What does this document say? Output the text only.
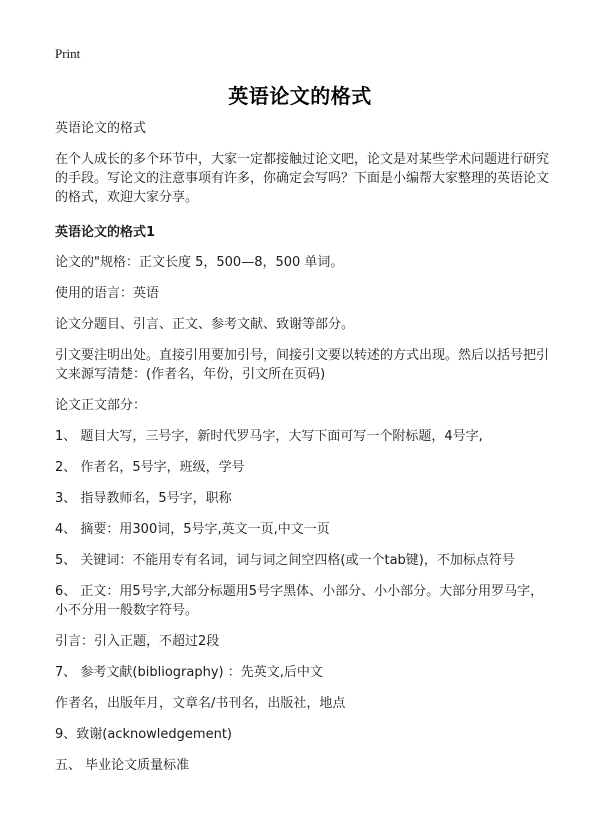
Print
英语论文的格式

英语论文的格式

在个人成长的多个环节中，大家一定都接触过论文吧，论文是对某些学术问题进行研究的手段。写论文的注意事项有许多，你确定会写吗？下面是小编帮大家整理的英语论文的格式，欢迎大家分享。

英语论文的格式1

论文的"规格：正文长度 5，500—8，500 单词。

使用的语言：英语

论文分题目、引言、正文、参考文献、致谢等部分。

引文要注明出处。直接引用要加引号，间接引文要以转述的方式出现。然后以括号把引文来源写清楚：(作者名，年份，引文所在页码)

论文正文部分：

1、 题目大写，三号字，新时代罗马字，大写下面可写一个附标题，4号字,

2、 作者名，5号字，班级，学号

3、 指导教师名，5号字，职称

4、 摘要：用300词，5号字,英文一页,中文一页

5、 关键词：不能用专有名词，词与词之间空四格(或一个tab键)，不加标点符号

6、 正文：用5号字,大部分标题用5号字黑体、小部分、小小部分。大部分用罗马字，小不分用一般数字符号。

引言：引入正题，不超过2段

7、 参考文献(bibliography) ：先英文,后中文

作者名，出版年月，文章名/书刊名，出版社，地点

9、致谢(acknowledgement)

五、 毕业论文质量标准
